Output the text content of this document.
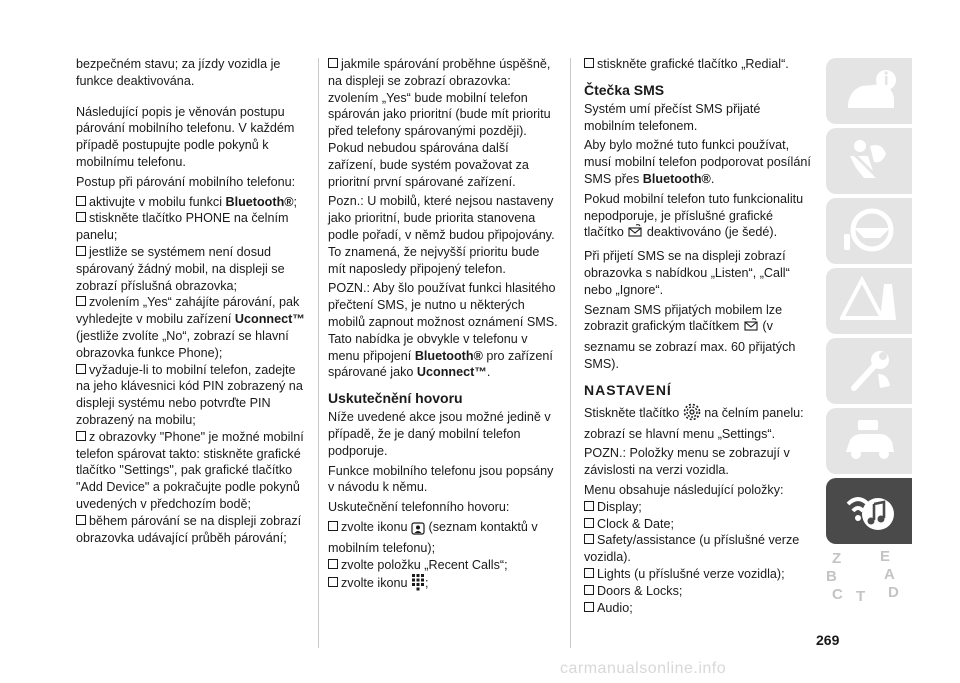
bezpečném stavu; za jízdy vozidla je funkce deaktivována.

Následující popis je věnován postupu párování mobilního telefonu. V každém případě postupujte podle pokynů k mobilnímu telefonu.

Postup při párování mobilního telefonu:

aktivujte v mobilu funkci Bluetooth®;

stiskněte tlačítko PHONE na čelním panelu;

jestliže se systémem není dosud spárovaný žádný mobil, na displeji se zobrazí příslušná obrazovka;

zvolením „Yes“ zahájíte párování, pak vyhledejte v mobilu zařízení Uconnect™ (jestliže zvolíte „No“, zobrazí se hlavní obrazovka funkce Phone);

vyžaduje-li to mobilní telefon, zadejte na jeho klávesnici kód PIN zobrazený na displeji systému nebo potvrďte PIN zobrazený na mobilu;

z obrazovky "Phone" je možné mobilní telefon spárovat takto: stiskněte grafické tlačítko "Settings", pak grafické tlačítko "Add Device" a pokračujte podle pokynů uvedených v předchozím bodě;

během párování se na displeji zobrazí obrazovka udávající průběh párování;

jakmile spárování proběhne úspěšně, na displeji se zobrazí obrazovka: zvolením „Yes“ bude mobilní telefon spárován jako prioritní (bude mít prioritu před telefony spárovanými později). Pokud nebudou spárována další zařízení, bude systém považovat za prioritní první spárované zařízení.

Pozn.: U mobilů, které nejsou nastaveny jako prioritní, bude priorita stanovena podle pořadí, v němž budou připojovány. To znamená, že nejvyšší prioritu bude mít naposledy připojený telefon.

POZN.: Aby šlo používat funkci hlasitého přečtení SMS, je nutno u některých mobilů zapnout možnost oznámení SMS. Tato nabídka je obvykle v telefonu v menu připojení Bluetooth® pro zařízení spárované jako Uconnect™.

Uskutečnění hovoru

Níže uvedené akce jsou možné jedině v případě, že je daný mobilní telefon podporuje.

Funkce mobilního telefonu jsou popsány v návodu k němu.

Uskutečnění telefonního hovoru:

zvolte ikonu  (seznam kontaktů v mobilním telefonu);

zvolte položku „Recent Calls“;

zvolte ikonu ;

stiskněte grafické tlačítko „Redial“.

Čtečka SMS

Systém umí přečíst SMS přijaté mobilním telefonem.

Aby bylo možné tuto funkci používat, musí mobilní telefon podporovat posílání SMS přes Bluetooth®.

Pokud mobilní telefon tuto funkcionalitu nepodporuje, je příslušné grafické tlačítko  deaktivováno (je šedé).

Při přijetí SMS se na displeji zobrazí obrazovka s nabídkou „Listen“, „Call“ nebo „Ignore“.

Seznam SMS přijatých mobilem lze zobrazit grafickým tlačítkem  (v seznamu se zobrazí max. 60 přijatých SMS).

NASTAVENÍ

Stiskněte tlačítko  na čelním panelu: zobrazí se hlavní menu „Settings“.

POZN.: Položky menu se zobrazují v závislosti na verzi vozidla.

Menu obsahuje následující položky:

Display;

Clock & Date;

Safety/assistance (u příslušné verze vozidla).

Lights (u příslušné verze vozidla);

Doors & Locks;

Audio;

Z	E
B	A
C T D
269
carmanualsonline.info
